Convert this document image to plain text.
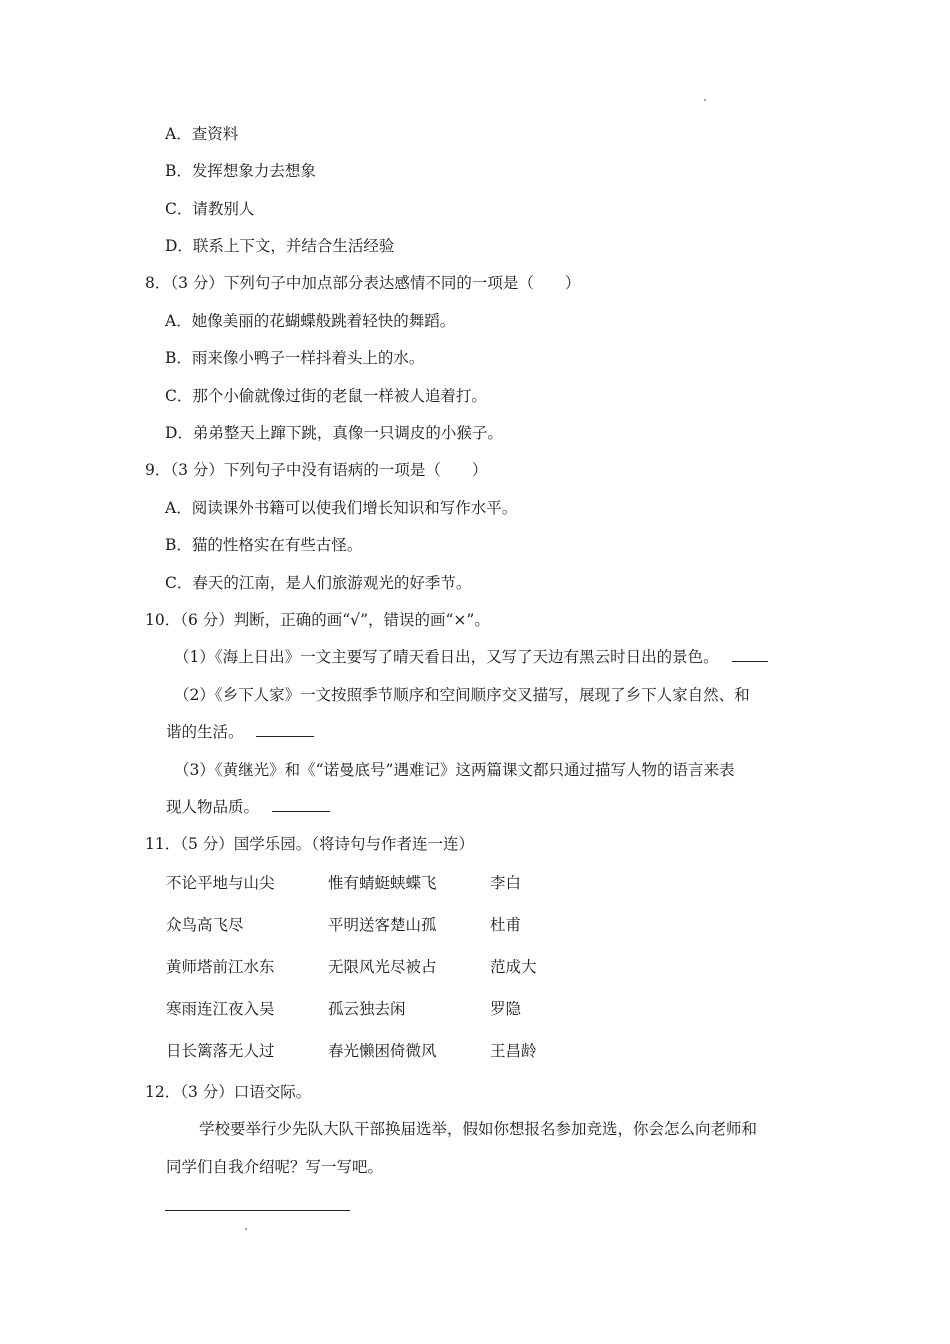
A．查资料
B．发挥想象力去想象
C．请教别人
D．联系上下文，并结合生活经验
8．（3 分）下列句子中加点部分表达感情不同的一项是（　　）
A．她像美丽的花蝴蝶般跳着轻快的舞蹈。
B．雨来像小鸭子一样抖着头上的水。
C．那个小偷就像过街的老鼠一样被人追着打。
D．弟弟整天上蹿下跳，真像一只调皮的小猴子。
9．（3 分）下列句子中没有语病的一项是（　　）
A．阅读课外书籍可以使我们增长知识和写作水平。
B．猫的性格实在有些古怪。
C．春天的江南，是人们旅游观光的好季节。
10．（6 分）判断，正确的画“√”，错误的画“×”。
（1）《海上日出》一文主要写了晴天看日出，又写了天边有黑云时日出的景色。
（2）《乡下人家》一文按照季节顺序和空间顺序交叉描写，展现了乡下人家自然、和
谐的生活。
（3）《黄继光》和《“诺曼底号”遇难记》这两篇课文都只通过描写人物的语言来表
现人物品质。
11．（5 分）国学乐园。（将诗句与作者连一连）
不论平地与山尖	惟有蜻蜓蛱蝶飞	李白
众鸟高飞尽	平明送客楚山孤	杜甫
黄师塔前江水东	无限风光尽被占	范成大
寒雨连江夜入吴	孤云独去闲	罗隐
日长篱落无人过	春光懒困倚微风	王昌龄
12．（3 分）口语交际。
学校要举行少先队大队干部换届选举，假如你想报名参加竞选，你会怎么向老师和
同学们自我介绍呢？写一写吧。
